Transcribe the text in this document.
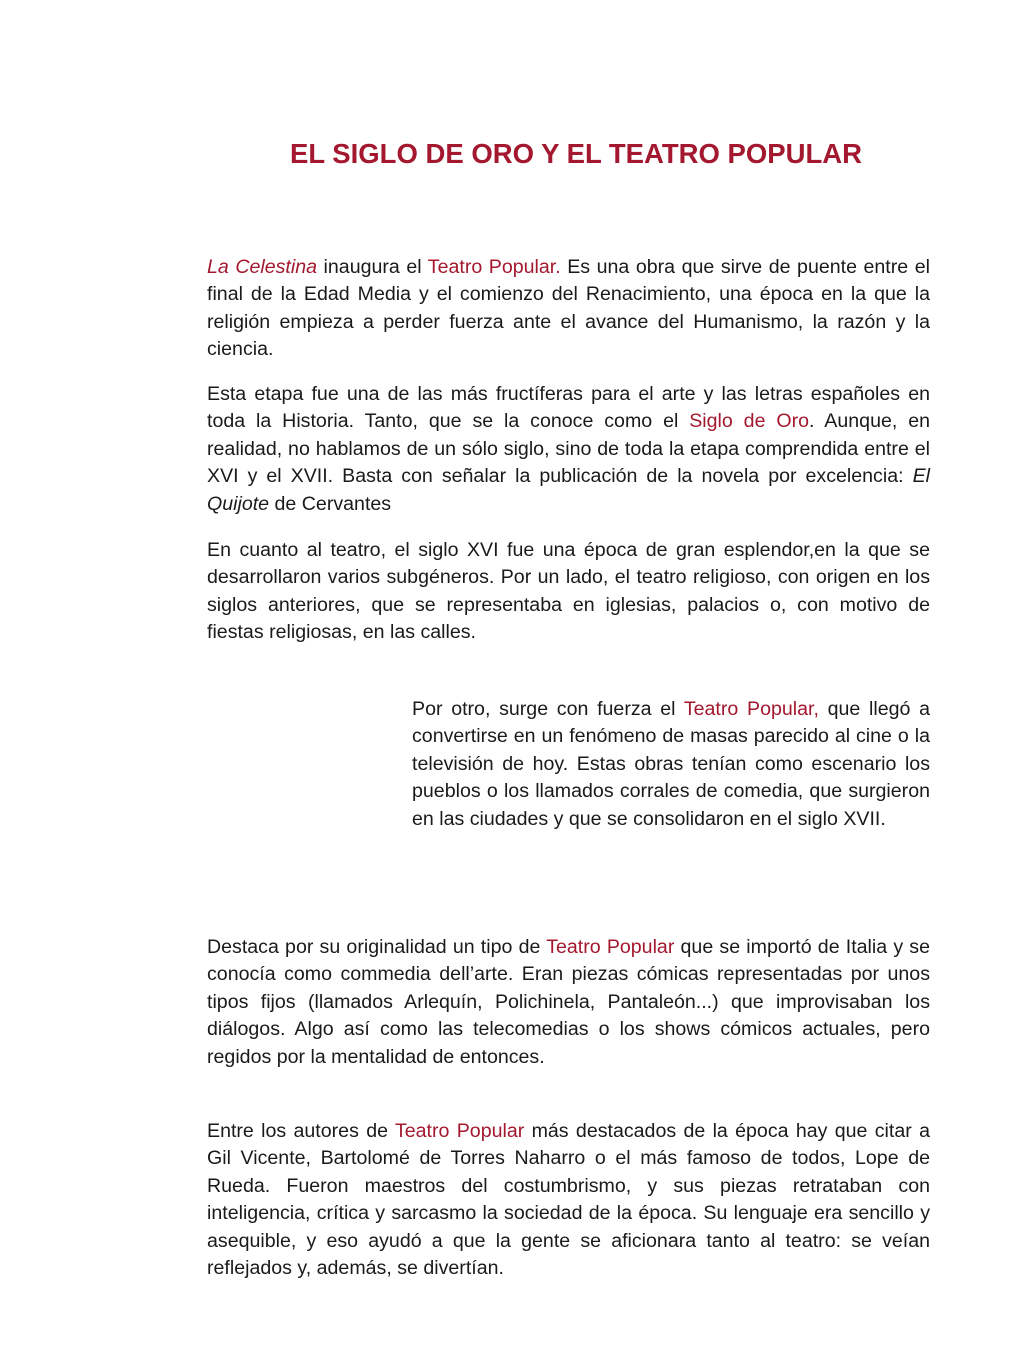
EL SIGLO DE ORO Y EL TEATRO POPULAR

La Celestina inaugura el Teatro Popular. Es una obra que sirve de puente entre el final de la Edad Media y el comienzo del Renacimiento, una época en la que la religión empieza a perder fuerza ante el avance del Humanismo, la razón y la ciencia.

Esta etapa fue una de las más fructíferas para el arte y las letras españoles en toda la Historia. Tanto, que se la conoce como el Siglo de Oro. Aunque, en realidad, no hablamos de un sólo siglo, sino de toda la etapa comprendida entre el XVI y el XVII. Basta con señalar la publicación de la novela por excelencia: El Quijote de Cervantes

En cuanto al teatro, el siglo XVI fue una época de gran esplendor,en la que se desarrollaron varios subgéneros. Por un lado, el teatro religioso, con origen en los siglos anteriores, que se representaba en iglesias, palacios o, con motivo de fiestas religiosas, en las calles.

Por otro, surge con fuerza el Teatro Popular, que llegó a convertirse en un fenómeno de masas parecido al cine o la televisión de hoy. Estas obras tenían como escenario los pueblos o los llamados corrales de comedia, que surgieron en las ciudades y que se consolidaron en el siglo XVII.

Destaca por su originalidad un tipo de Teatro Popular que se importó de Italia y se conocía como commedia dell’arte. Eran piezas cómicas representadas por unos tipos fijos (llamados Arlequín, Polichinela, Pantaleón...) que improvisaban los diálogos. Algo así como las telecomedias o los shows cómicos actuales, pero regidos por la mentalidad de entonces.

Entre los autores de Teatro Popular más destacados de la época hay que citar a Gil Vicente, Bartolomé de Torres Naharro o el más famoso de todos, Lope de Rueda. Fueron maestros del costumbrismo, y sus piezas retrataban con inteligencia, crítica y sarcasmo la sociedad de la época. Su lenguaje era sencillo y asequible, y eso ayudó a que la gente se aficionara tanto al teatro: se veían reflejados y, además, se divertían.
